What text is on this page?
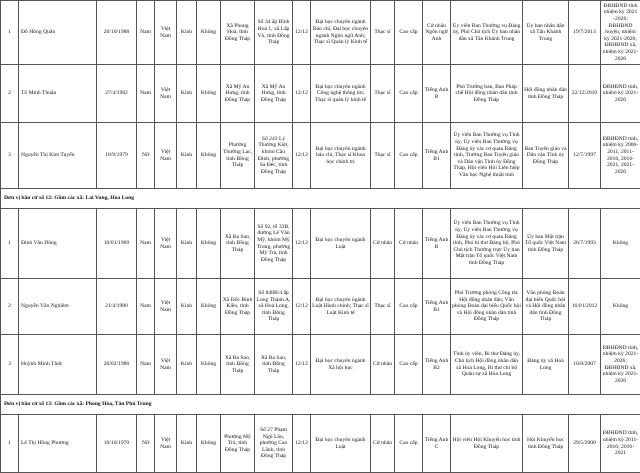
1	Đỗ Hồng Quân	20/10/1988	Nam	Việt Nam	Kinh	Không	Xã Phong Hoà, tỉnh Đồng Tháp	Số 34 ấp Bình Hoà 1, xã Lấp Vò, tỉnh Đồng Tháp	12/12	Đại học chuyên ngành Báo chí, Đại học chuyên ngành Ngôn ngữ Anh; Thạc sĩ Quản lý Kinh tế	Thạc sĩ	Cao cấp	Cử nhân Ngôn ngữ Anh	Ủy viên Ban Thường vụ Đảng ủy, Phó Chủ tịch Ủy ban nhân dân xã Tân Khánh Trung	Ủy ban nhân dân xã Tân Khánh Trung	19/7/2013	ĐBHĐND tỉnh nhiệm kỳ 2021 -2026; ĐBHĐND huyện, nhiệm kỳ 2021-2026; ĐBHĐND xã, nhiệm kỳ 2021-2026
2	Tô Minh Thuận	27/4/1982	Nam	Việt Nam	Kinh	Không	Xã Mỹ An Hưng, tỉnh Đồng Tháp	Xã Mỹ An Hưng, tỉnh Đồng Tháp	12/12	Đại học chuyên ngành Công nghệ thông tin; Thạc sĩ quản lý kinh tế	Thạc sĩ	Cao cấp	Tiếng Anh B	Phó Trưởng ban, Ban Pháp chế Hội đồng nhân dân tỉnh Đồng Tháp	Hội đồng nhân dân tỉnh Đồng Tháp	22/12/2010	ĐBHĐND tỉnh, nhiệm kỳ 2021-2026
3	Nguyễn Thị Kim Tuyến	18/9/1979	Nữ	Việt Nam	Kinh	Không	Phường Thường Lạc, tỉnh Đồng Tháp	Số 243 Lý Thường Kiệt, khóm Cầu Đình, phường Sa Đéc, tỉnh Đồng Tháp	12/12	Đại học chuyên ngành báo chí, Thạc sĩ Khoa học chính trị	Thạc sĩ	Cao cấp	Tiếng Anh B1	Ủy viên Ban Thường vụ Tỉnh ủy, Ủy viên Ban Thường vụ Đảng ủy các cơ quan Đảng tỉnh, Trưởng Ban Tuyên giáo và Dân vận Tỉnh ủy Đồng Tháp, Hội viên Hội Liên hiệp Văn học Nghệ thuật tỉnh	Ban Tuyên giáo và Dân vận Tỉnh ủy Đồng Tháp	12/7/1997	ĐBHĐND tỉnh, nhiệm kỳ 2006-2011, 2011-2016, 2016-2021, 2021-2026
Đơn vị bầu cử số 12: Gồm các xã: Lai Vung, Hòa Long																	
1	Đinh Văn Dũng	10/01/1969	Nam	Việt Nam	Kinh	Không	Xã Ba Sao, tỉnh Đồng Tháp	Số 92, tổ 33B, đường Lê Văn Mỹ, khóm Mỹ Trung, phường Mỹ Trà, tỉnh Đồng Tháp	12/12	Đại học chuyên ngành Luật	Cử nhân	Cử nhân	Tiếng Anh B	Ủy viên Ban Thường vụ Tỉnh ủy, Ủy viên Ban Thường vụ Đảng ủy các cơ quan Đảng tỉnh, Phó bí thư Đảng bộ, Phó Chủ tịch Thường trực Ủy ban Mặt trận Tổ quốc Việt Nam tỉnh Đồng Tháp	Ủy ban Mặt trận Tổ quốc Việt Nam tỉnh Đồng Tháp	26/7/1993	Không
2	Nguyễn Văn Nghiêm	21/4/1980	Nam	Việt Nam	Kinh	Không	Xã Đốc Binh Kiều, tỉnh Đồng Tháp	Số 848B/4 ấp Long Thành A, xã Hoà Long, tỉnh Đồng Tháp	12/12	Đại học chuyên ngành Luật Hành chính; Thạc sĩ Luật Kinh tế	Thạc sĩ	Cao cấp	Tiếng Anh B1	Phó Trưởng phòng Công tác Hội đồng nhân dân, Văn phòng Đoàn đại biểu Quốc hội và Hội đồng nhân dân tỉnh Đồng Tháp	Văn phòng Đoàn đại biểu Quốc hội và Hội đồng nhân dân tỉnh Đồng Tháp	16/01/2012	Không
3	Huỳnh Minh Thức	20/02/1986	Nam	Việt Nam	Kinh	Không	Xã Ba Sao, tỉnh Đồng Tháp	Xã Ba Sao, tỉnh Đồng Tháp	12/12	Đại học chuyên ngành Xã hội học	Cử nhân	Cao cấp	Tiếng Anh B2	Tỉnh ủy viên, Bí thư Đảng ủy, Chủ tịch Hội đồng nhân dân xã Hoà Long, Bí thư chi bộ Quân sự xã Hòa Long	Đảng ủy xã Hoà Long	10/8/2007	ĐBHĐND tỉnh, nhiệm kỳ 2021-2026; ĐBHĐND xã, nhiệm kỳ 2021-2026
Đơn vị bầu cử số 13: Gồm các xã: Phong Hòa, Tân Phú Trung																	
1	Lê Thị Hồng Phượng	10/10/1970	Nữ	Việt Nam	Kinh	Không	Phường Mỹ Trà, tỉnh Đồng Tháp	Số 27 Phạm Ngũ Lão, phường Cao Lãnh, tỉnh Đồng Tháp	12/12	Đại học chuyên ngành Luật	Cử nhân	Cao cấp	Tiếng Anh C	Hội viên Hội Khuyến học tỉnh Đồng Tháp	Hội Khuyến học tỉnh Đồng Tháp	29/5/2000	ĐBHĐND tỉnh, nhiệm kỳ 2011-2016; 2016-2021
